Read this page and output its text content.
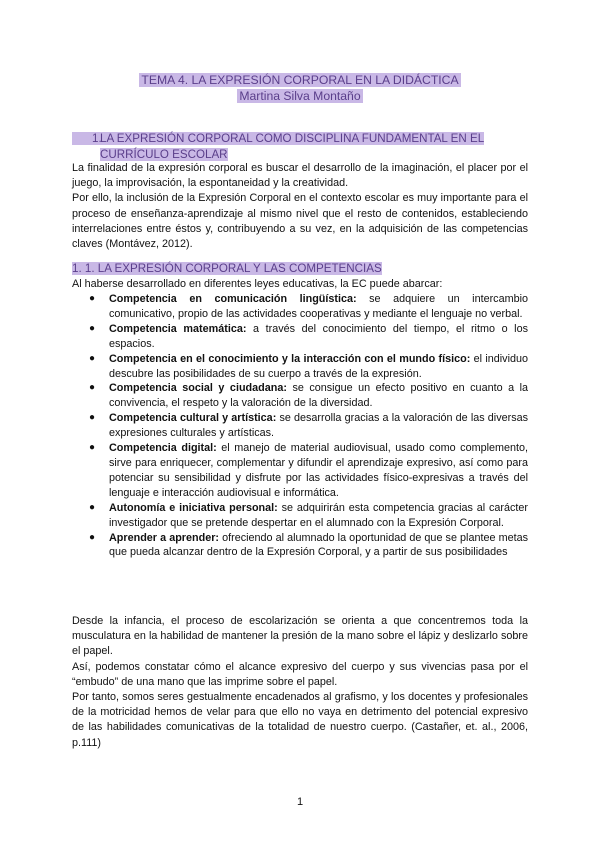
TEMA 4. LA EXPRESIÓN CORPORAL EN LA DIDÁCTICA
Martina Silva Montaño
1.LA EXPRESIÓN CORPORAL COMO DISCIPLINA FUNDAMENTAL EN EL
CURRÍCULO ESCOLAR

La finalidad de la expresión corporal es buscar el desarrollo de la imaginación, el placer por el juego, la improvisación, la espontaneidad y la creatividad.

Por ello, la inclusión de la Expresión Corporal en el contexto escolar es muy importante para el proceso de enseñanza-aprendizaje al mismo nivel que el resto de contenidos, estableciendo interrelaciones entre éstos y, contribuyendo a su vez, en la adquisición de las competencias claves (Montávez, 2012).

1. 1. LA EXPRESIÓN CORPORAL Y LAS COMPETENCIAS

Al haberse desarrollado en diferentes leyes educativas, la EC puede abarcar:

● Competencia en comunicación lingüística: se adquiere un intercambio comunicativo, propio de las actividades cooperativas y mediante el lenguaje no verbal.
● Competencia matemática: a través del conocimiento del tiempo, el ritmo o los espacios.
● Competencia en el conocimiento y la interacción con el mundo físico: el individuo descubre las posibilidades de su cuerpo a través de la expresión.
● Competencia social y ciudadana: se consigue un efecto positivo en cuanto a la convivencia, el respeto y la valoración de la diversidad.
● Competencia cultural y artística: se desarrolla gracias a la valoración de las diversas expresiones culturales y artísticas.
● Competencia digital: el manejo de material audiovisual, usado como complemento, sirve para enriquecer, complementar y difundir el aprendizaje expresivo, así como para potenciar su sensibilidad y disfrute por las actividades físico-expresivas a través del lenguaje e interacción audiovisual e informática.
● Autonomía e iniciativa personal: se adquirirán esta competencia gracias al carácter investigador que se pretende despertar en el alumnado con la Expresión Corporal.
● Aprender a aprender: ofreciendo al alumnado la oportunidad de que se plantee metas que pueda alcanzar dentro de la Expresión Corporal, y a partir de sus posibilidades

Desde la infancia, el proceso de escolarización se orienta a que concentremos toda la musculatura en la habilidad de mantener la presión de la mano sobre el lápiz y deslizarlo sobre el papel.

Así, podemos constatar cómo el alcance expresivo del cuerpo y sus vivencias pasa por el “embudo” de una mano que las imprime sobre el papel.

Por tanto, somos seres gestualmente encadenados al grafismo, y los docentes y profesionales de la motricidad hemos de velar para que ello no vaya en detrimento del potencial expresivo de las habilidades comunicativas de la totalidad de nuestro cuerpo. (Castañer, et. al., 2006, p.111)

1
